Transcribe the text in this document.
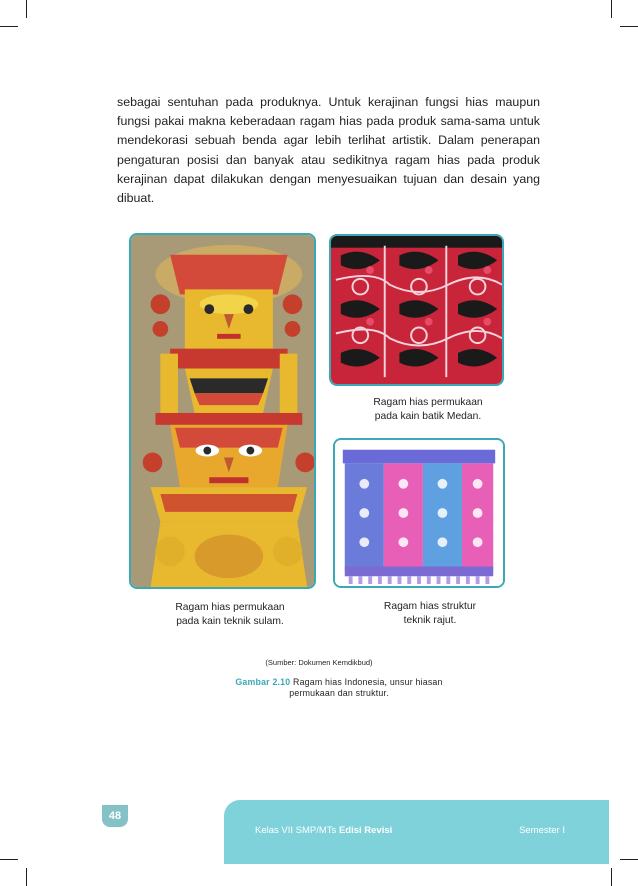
sebagai sentuhan pada produknya. Untuk kerajinan fungsi hias maupun fungsi pakai makna keberadaan ragam hias pada produk sama-sama untuk mendekorasi sebuah benda agar lebih terlihat artistik. Dalam penerapan pengaturan posisi dan banyak atau sedikitnya ragam hias pada produk kerajinan dapat dilakukan dengan menyesuaikan tujuan dan desain yang dibuat.

Ragam hias permukaan
pada kain batik Medan.
Ragam hias permukaan
pada kain teknik sulam.
Ragam hias struktur
teknik rajut.
(Sumber: Dokumen Kemdikbud)
Gambar 2.10 Ragam hias Indonesia, unsur hiasan permukaan dan struktur.
48
Kelas VII SMP/MTs Edisi Revisi	Semester I
